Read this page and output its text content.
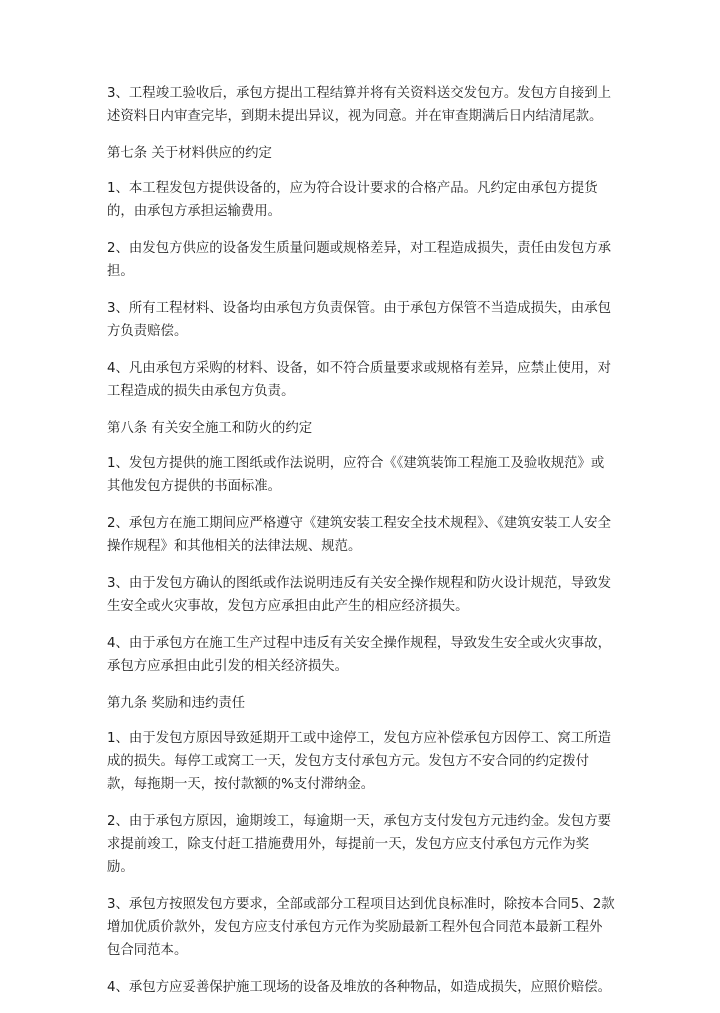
3、工程竣工验收后，承包方提出工程结算并将有关资料送交发包方。发包方自接到上述资料日内审查完毕，到期未提出异议，视为同意。并在审查期满后日内结清尾款。

第七条 关于材料供应的约定

1、本工程发包方提供设备的，应为符合设计要求的合格产品。凡约定由承包方提货的，由承包方承担运输费用。

2、由发包方供应的设备发生质量问题或规格差异，对工程造成损失，责任由发包方承担。

3、所有工程材料、设备均由承包方负责保管。由于承包方保管不当造成损失，由承包方负责赔偿。

4、凡由承包方采购的材料、设备，如不符合质量要求或规格有差异，应禁止使用，对工程造成的损失由承包方负责。

第八条 有关安全施工和防火的约定

1、发包方提供的施工图纸或作法说明，应符合《《建筑装饰工程施工及验收规范》或其他发包方提供的书面标准。

2、承包方在施工期间应严格遵守《建筑安装工程安全技术规程》、《建筑安装工人安全操作规程》和其他相关的法律法规、规范。

3、由于发包方确认的图纸或作法说明违反有关安全操作规程和防火设计规范，导致发生安全或火灾事故，发包方应承担由此产生的相应经济损失。

4、由于承包方在施工生产过程中违反有关安全操作规程，导致发生安全或火灾事故，承包方应承担由此引发的相关经济损失。

第九条 奖励和违约责任

1、由于发包方原因导致延期开工或中途停工，发包方应补偿承包方因停工、窝工所造成的损失。每停工或窝工一天，发包方支付承包方元。发包方不安合同的约定拨付款，每拖期一天，按付款额的%支付滞纳金。

2、由于承包方原因，逾期竣工，每逾期一天，承包方支付发包方元违约金。发包方要求提前竣工，除支付赶工措施费用外，每提前一天，发包方应支付承包方元作为奖励。

3、承包方按照发包方要求，全部或部分工程项目达到优良标准时，除按本合同5、2款增加优质价款外，发包方应支付承包方元作为奖励最新工程外包合同范本最新工程外包合同范本。

4、承包方应妥善保护施工现场的设备及堆放的各种物品，如造成损失，应照价赔偿。
